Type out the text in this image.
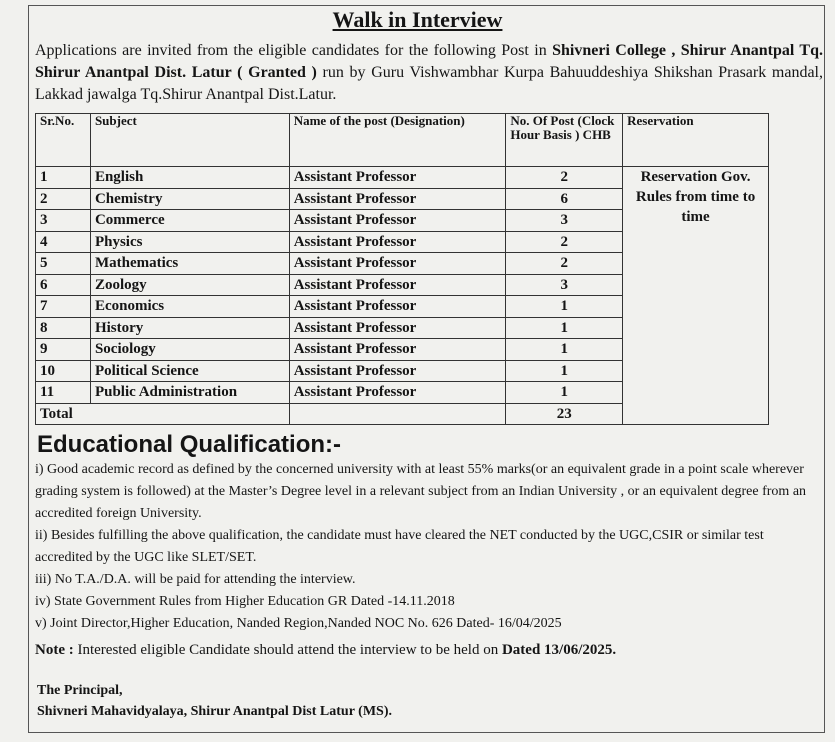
Walk in Interview
Applications are invited from the eligible candidates for the following Post in Shivneri College , Shirur Anantpal Tq. Shirur Anantpal Dist. Latur ( Granted ) run by Guru Vishwambhar Kurpa Bahuuddeshiya Shikshan Prasark mandal, Lakkad jawalga Tq.Shirur Anantpal Dist.Latur.
Sr.No.	Subject	Name of the post (Designation)	No. Of Post (Clock Hour Basis ) CHB	Reservation
1	English	Assistant Professor	2	Reservation Gov. Rules from time to time
2	Chemistry	Assistant Professor	6	
3	Commerce	Assistant Professor	3	
4	Physics	Assistant Professor	2	
5	Mathematics	Assistant Professor	2	
6	Zoology	Assistant Professor	3	
7	Economics	Assistant Professor	1	
8	History	Assistant Professor	1	
9	Sociology	Assistant Professor	1	
10	Political Science	Assistant Professor	1	
11	Public Administration	Assistant Professor	1	
Total			23	
Educational Qualification:-

i) Good academic record as defined by the concerned university with at least 55% marks(or an equivalent grade in a point scale wherever grading system is followed) at the Master’s Degree level in a relevant subject from an Indian University , or an equivalent degree from an accredited foreign University.

ii) Besides fulfilling the above qualification, the candidate must have cleared the NET conducted by the UGC,CSIR or similar test accredited by the UGC like SLET/SET.

iii) No T.A./D.A. will be paid for attending the interview.

iv) State Government Rules from Higher Education GR Dated -14.11.2018

v) Joint Director,Higher Education, Nanded Region,Nanded NOC No. 626 Dated- 16/04/2025

Note : Interested eligible Candidate should attend the interview to be held on Dated 13/06/2025.

The Principal,
Shivneri Mahavidyalaya, Shirur Anantpal Dist Latur (MS).
